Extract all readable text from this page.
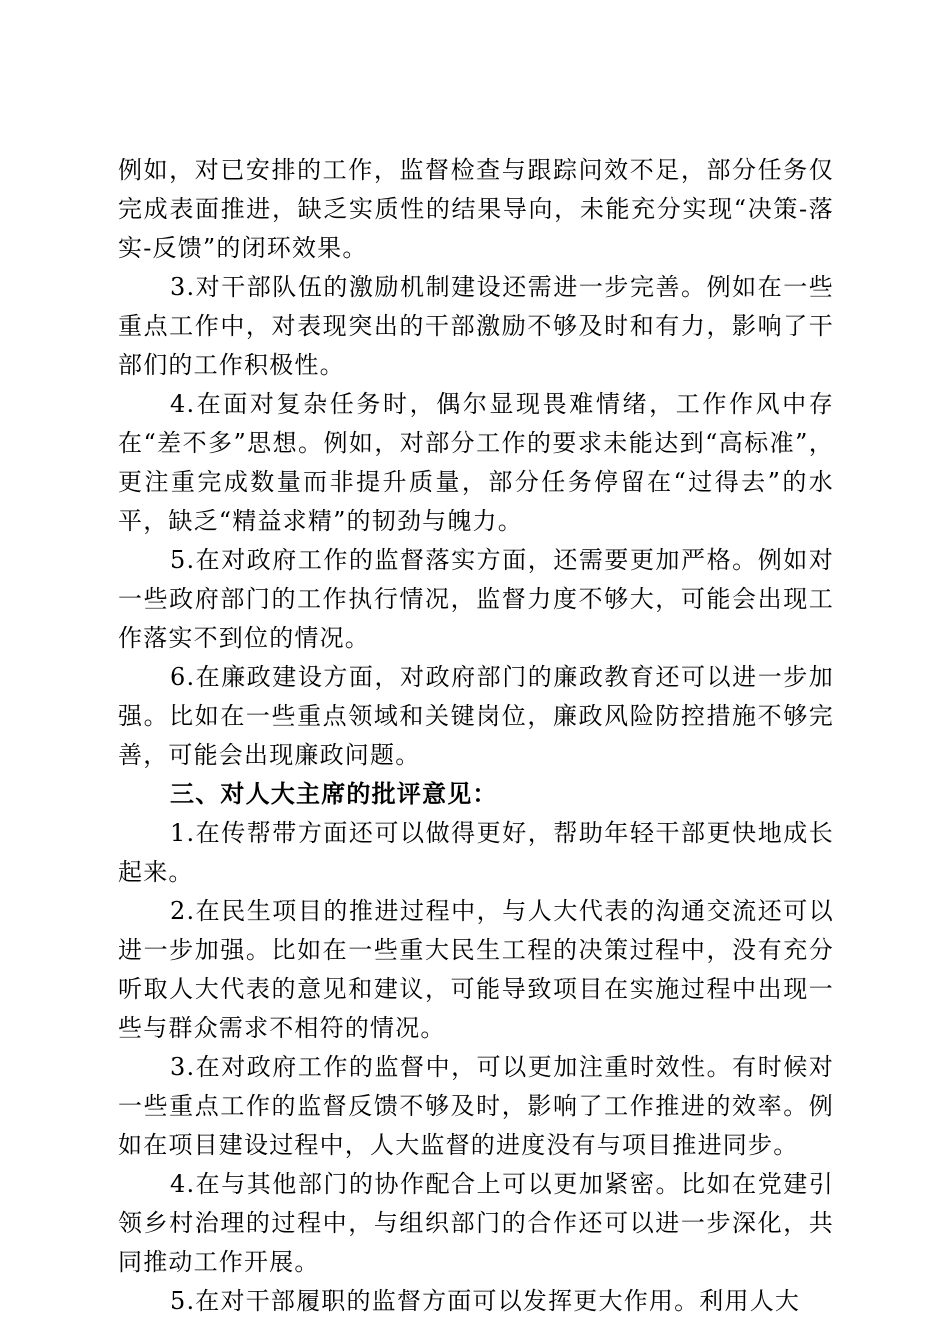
例如，对已安排的工作，监督检查与跟踪问效不足，部分任务仅完成表面推进，缺乏实质性的结果导向，未能充分实现“决策-落实-反馈”的闭环效果。

3.对干部队伍的激励机制建设还需进一步完善。例如在一些重点工作中，对表现突出的干部激励不够及时和有力，影响了干部们的工作积极性。

4.在面对复杂任务时，偶尔显现畏难情绪，工作作风中存在“差不多”思想。例如，对部分工作的要求未能达到“高标准”，更注重完成数量而非提升质量，部分任务停留在“过得去”的水平，缺乏“精益求精”的韧劲与魄力。

5.在对政府工作的监督落实方面，还需要更加严格。例如对一些政府部门的工作执行情况，监督力度不够大，可能会出现工作落实不到位的情况。

6.在廉政建设方面，对政府部门的廉政教育还可以进一步加强。比如在一些重点领域和关键岗位，廉政风险防控措施不够完善，可能会出现廉政问题。

三、对人大主席的批评意见：

1.在传帮带方面还可以做得更好，帮助年轻干部更快地成长起来。

2.在民生项目的推进过程中，与人大代表的沟通交流还可以进一步加强。比如在一些重大民生工程的决策过程中，没有充分听取人大代表的意见和建议，可能导致项目在实施过程中出现一些与群众需求不相符的情况。

3.在对政府工作的监督中，可以更加注重时效性。有时候对一些重点工作的监督反馈不够及时，影响了工作推进的效率。例如在项目建设过程中，人大监督的进度没有与项目推进同步。

4.在与其他部门的协作配合上可以更加紧密。比如在党建引领乡村治理的过程中，与组织部门的合作还可以进一步深化，共同推动工作开展。

5.在对干部履职的监督方面可以发挥更大作用。利用人大
